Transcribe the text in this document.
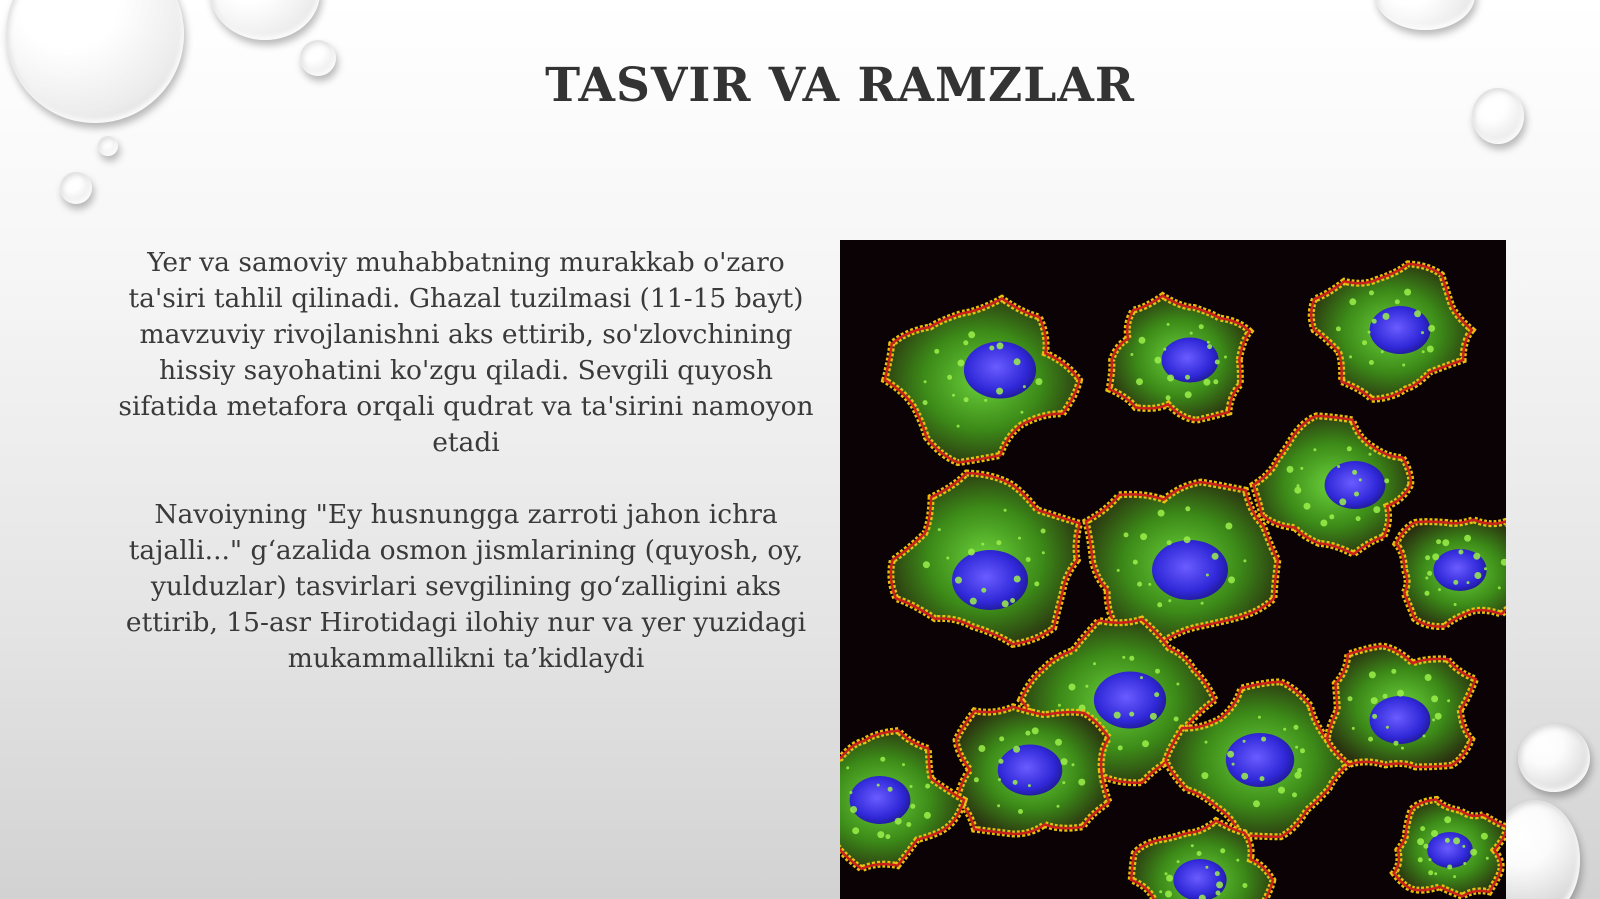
TASVIR VA RAMZLAR

Yer va samoviy muhabbatning murakkab o'zaro ta'siri tahlil qilinadi. Ghazal tuzilmasi (11-15 bayt) mavzuviy rivojlanishni aks ettirib, so'zlovchining hissiy sayohatini ko'zgu qiladi. Sevgili quyosh sifatida metafora orqali qudrat va ta'sirini namoyon etadi

Navoiyning "Ey husnungga zarroti jahon ichra tajalli..." g‘azalida osmon jismlarining (quyosh, oy, yulduzlar) tasvirlari sevgilining go‘zalligini aks ettirib, 15-asr Hirotidagi ilohiy nur va yer yuzidagi mukammallikni ta’kidlaydi
